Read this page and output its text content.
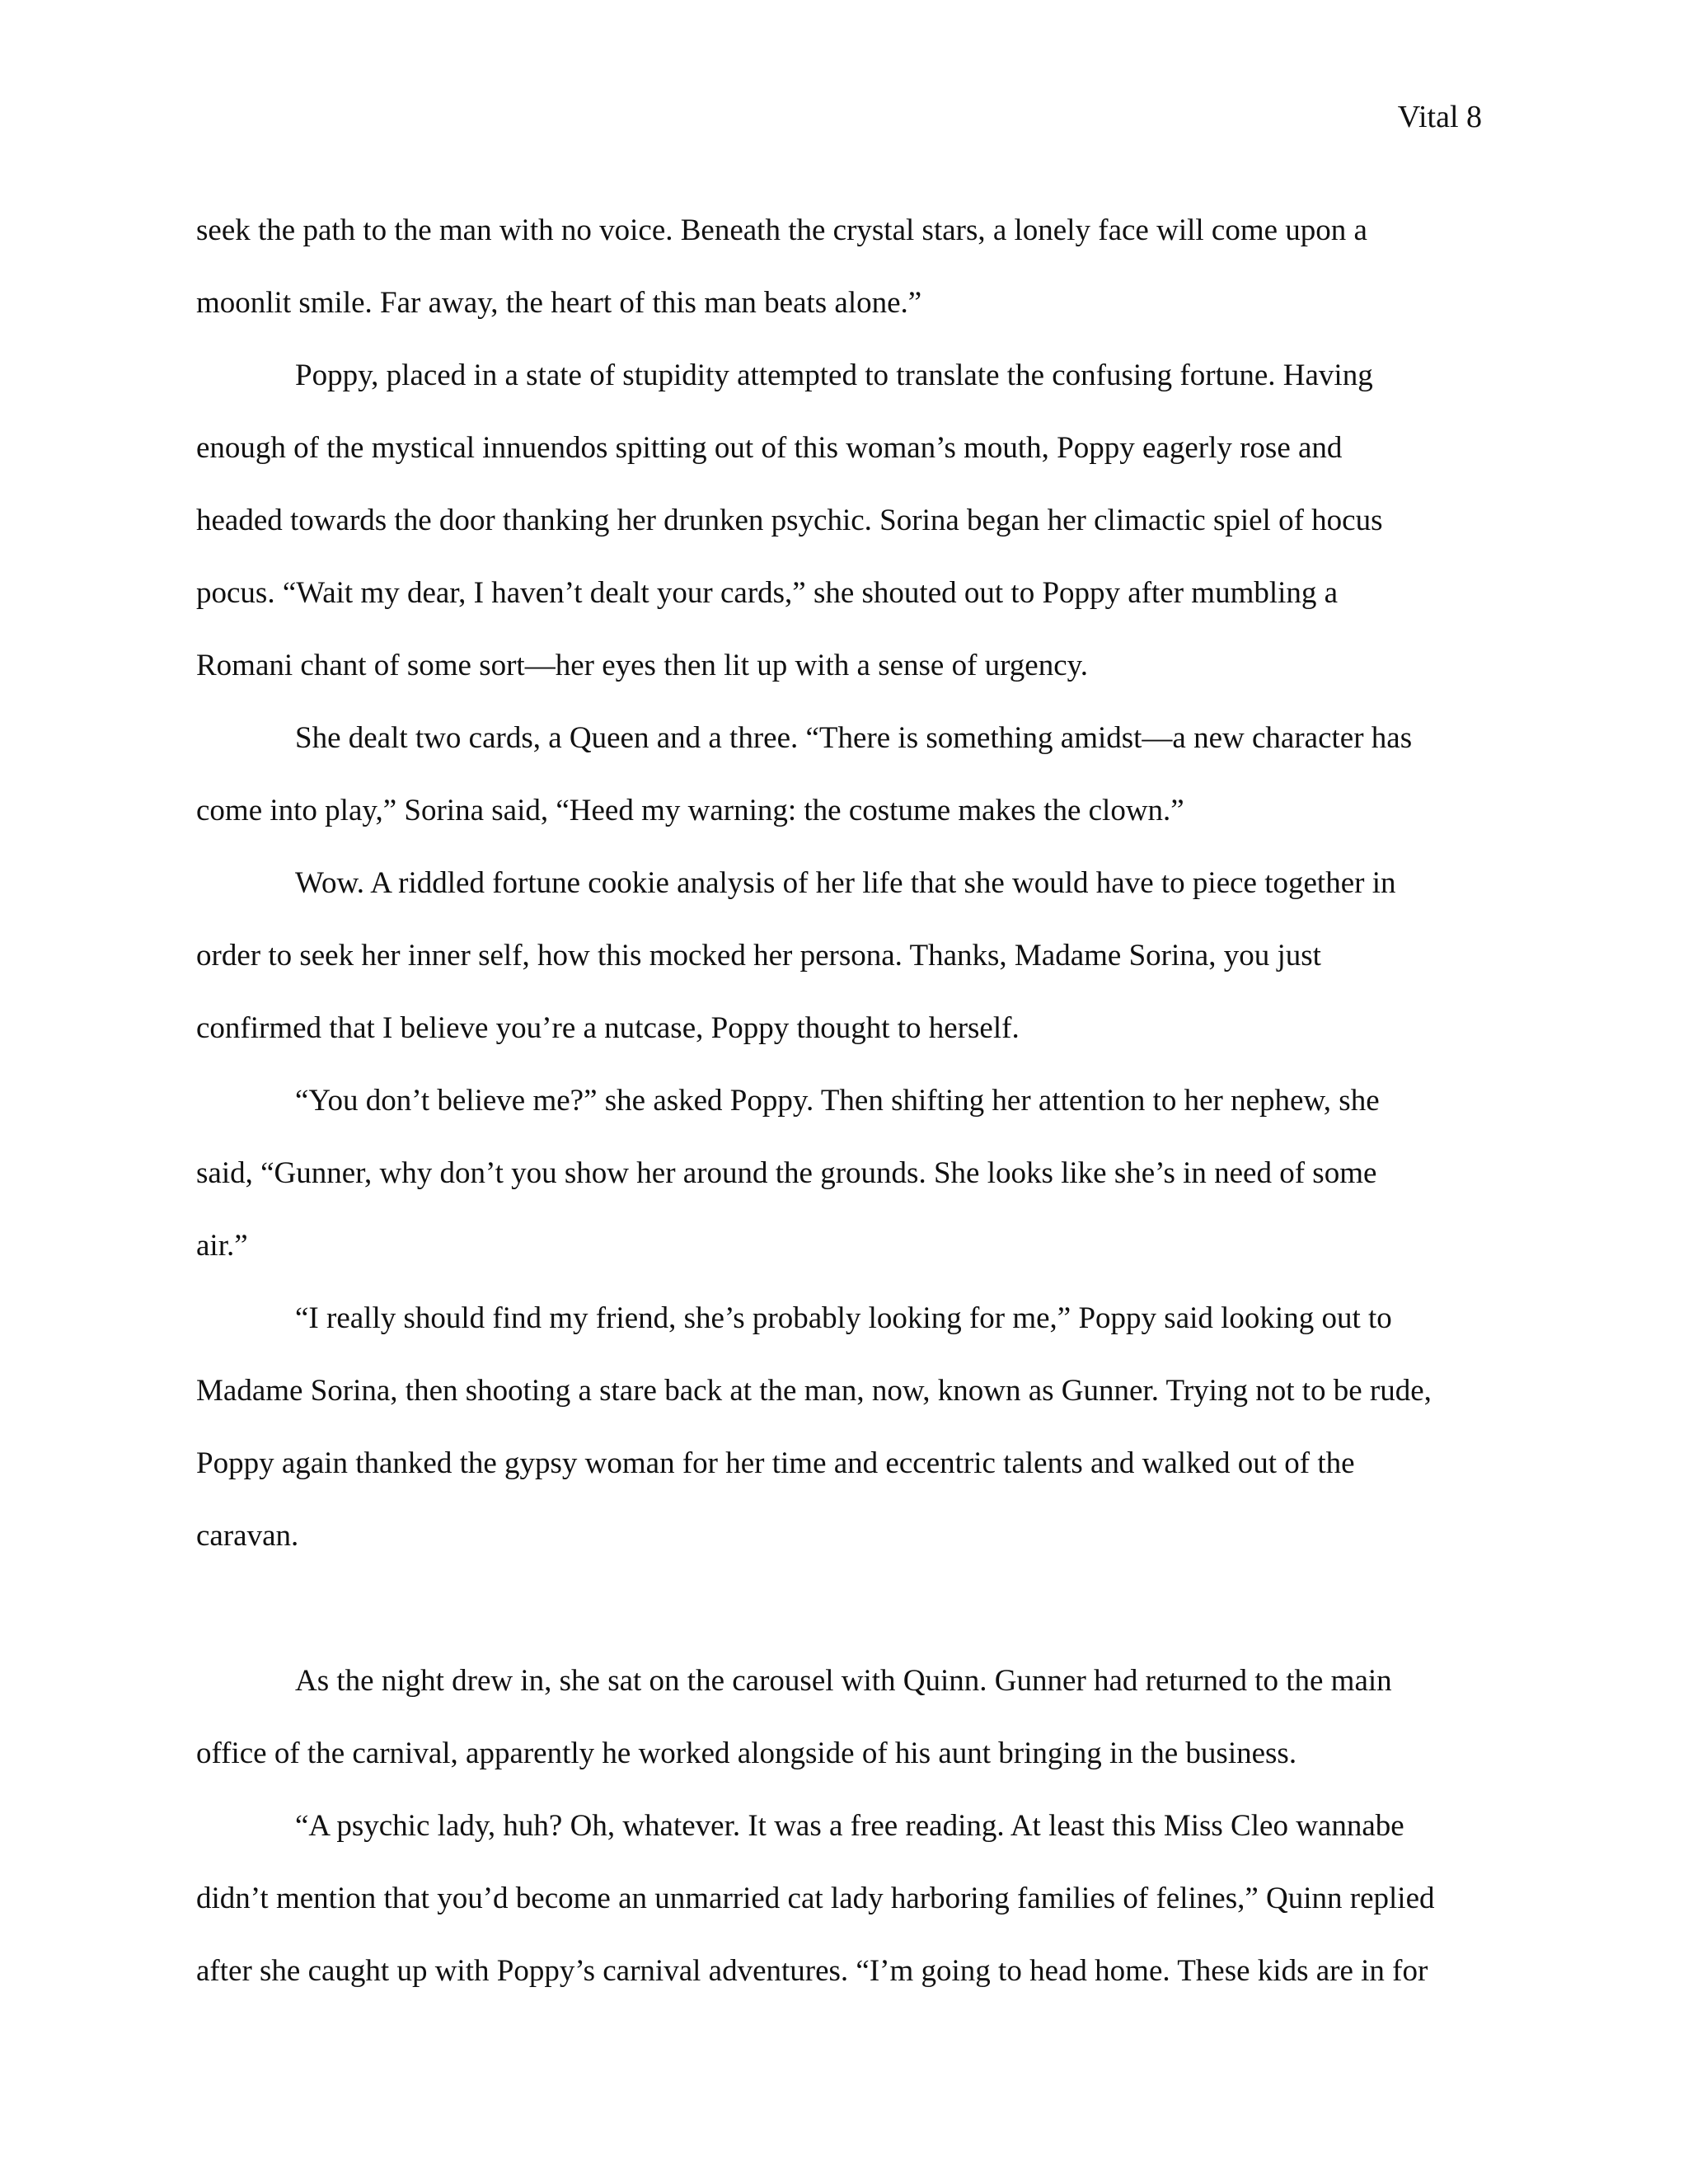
Vital 8
seek the path to the man with no voice. Beneath the crystal stars, a lonely face will come upon a
moonlit smile. Far away, the heart of this man beats alone.”
Poppy, placed in a state of stupidity attempted to translate the confusing fortune. Having
enough of the mystical innuendos spitting out of this woman’s mouth, Poppy eagerly rose and
headed towards the door thanking her drunken psychic. Sorina began her climactic spiel of hocus
pocus. “Wait my dear, I haven’t dealt your cards,” she shouted out to Poppy after mumbling a
Romani chant of some sort—her eyes then lit up with a sense of urgency.
She dealt two cards, a Queen and a three. “There is something amidst—a new character has
come into play,” Sorina said, “Heed my warning: the costume makes the clown.”
Wow. A riddled fortune cookie analysis of her life that she would have to piece together in
order to seek her inner self, how this mocked her persona. Thanks, Madame Sorina, you just
confirmed that I believe you’re a nutcase, Poppy thought to herself.
“You don’t believe me?” she asked Poppy. Then shifting her attention to her nephew, she
said, “Gunner, why don’t you show her around the grounds. She looks like she’s in need of some
air.”
“I really should find my friend, she’s probably looking for me,” Poppy said looking out to
Madame Sorina, then shooting a stare back at the man, now, known as Gunner. Trying not to be rude,
Poppy again thanked the gypsy woman for her time and eccentric talents and walked out of the
caravan.
As the night drew in, she sat on the carousel with Quinn. Gunner had returned to the main
office of the carnival, apparently he worked alongside of his aunt bringing in the business.
“A psychic lady, huh? Oh, whatever. It was a free reading. At least this Miss Cleo wannabe
didn’t mention that you’d become an unmarried cat lady harboring families of felines,” Quinn replied
after she caught up with Poppy’s carnival adventures. “I’m going to head home. These kids are in for
